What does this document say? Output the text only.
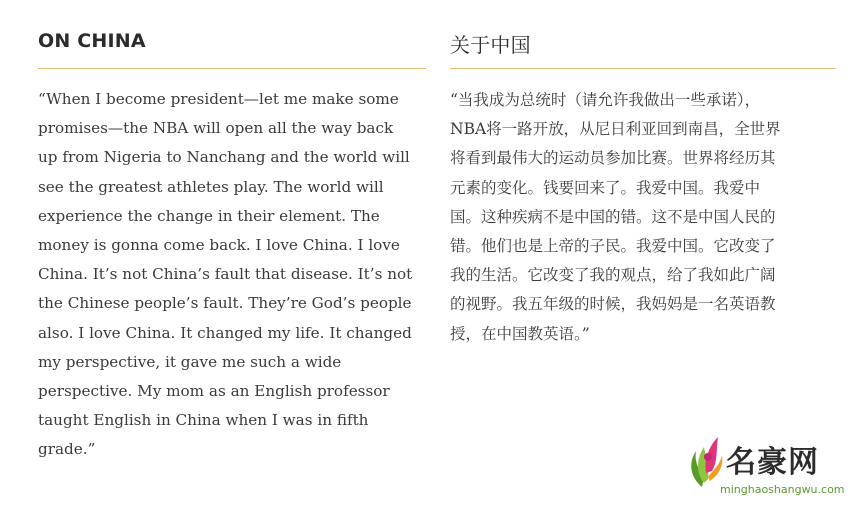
ON CHINA

“When I become president—let me make some
promises—the NBA will open all the way back
up from Nigeria to Nanchang and the world will
see the greatest athletes play. The world will
experience the change in their element. The
money is gonna come back. I love China. I love
China. It’s not China’s fault that disease. It’s not
the Chinese people’s fault. They’re God’s people
also. I love China. It changed my life. It changed
my perspective, it gave me such a wide
perspective. My mom as an English professor
taught English in China when I was in fifth
grade.”

关于中国

“当我成为总统时（请允许我做出一些承诺），
NBA将一路开放，从尼日利亚回到南昌，全世界
将看到最伟大的运动员参加比赛。世界将经历其
元素的变化。钱要回来了。我爱中国。我爱中
国。这种疾病不是中国的错。这不是中国人民的
错。他们也是上帝的子民。我爱中国。它改变了
我的生活。它改变了我的观点，给了我如此广阔
的视野。我五年级的时候，我妈妈是一名英语教
授，在中国教英语。”

名豪网
minghaoshangwu.com
